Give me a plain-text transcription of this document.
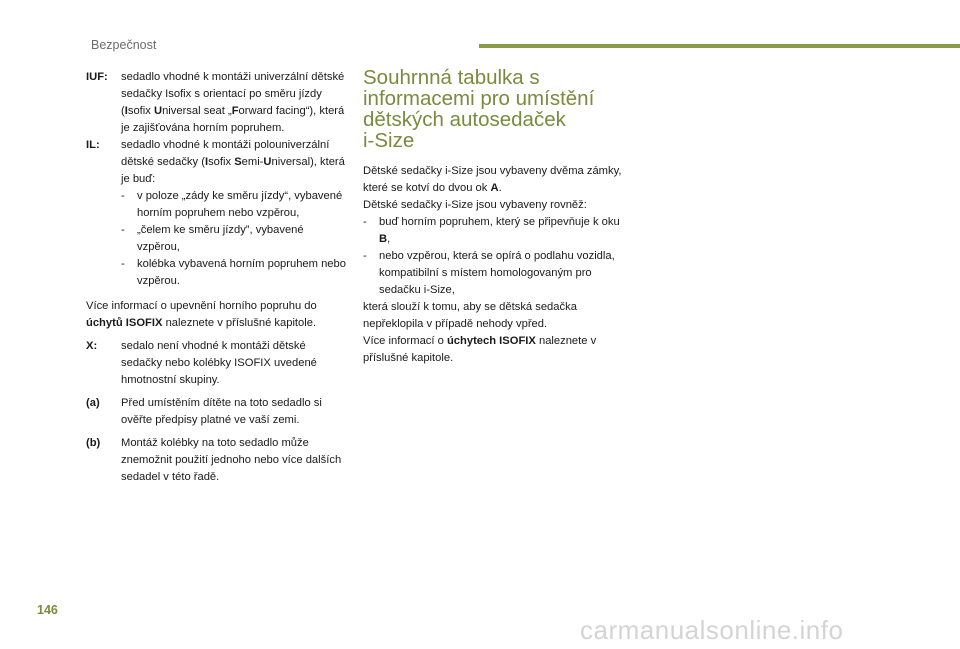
Bezpečnost
IUF:	sedadlo vhodné k montáži univerzální dětské sedačky Isofix s orientací po směru jízdy (Isofix Universal seat „Forward facing“), která je zajišťována horním popruhem.
IL:	sedadlo vhodné k montáži polouniverzální dětské sedačky (Isofix Semi-Universal), která je buď:
-	v poloze „zády ke směru jízdy“, vybavené horním popruhem nebo vzpěrou,
-	„čelem ke směru jízdy”, vybavené vzpěrou,
-	kolébka vybavená horním popruhem nebo vzpěrou.

Více informací o upevnění horního popruhu do úchytů ISOFIX naleznete v příslušné kapitole.

X:	sedalo není vhodné k montáži dětské sedačky nebo kolébky ISOFIX uvedené hmotnostní skupiny.
(a)	Před umístěním dítěte na toto sedadlo si ověřte předpisy platné ve vaší zemi.
(b)	Montáž kolébky na toto sedadlo může znemožnit použití jednoho nebo více dalších sedadel v této řadě.
Souhrnná tabulka s
informacemi pro umístění
dětských autosedaček
i-Size

Dětské sedačky i-Size jsou vybaveny dvěma zámky, které se kotví do dvou ok A.

Dětské sedačky i-Size jsou vybaveny rovněž:

-	buď horním popruhem, který se připevňuje k oku B,
-	nebo vzpěrou, která se opírá o podlahu vozidla, kompatibilní s místem homologovaným pro sedačku i-Size,

která slouží k tomu, aby se dětská sedačka nepřeklopila v případě nehody vpřed.

Více informací o úchytech ISOFIX naleznete v příslušné kapitole.

146
carmanualsonline.info
